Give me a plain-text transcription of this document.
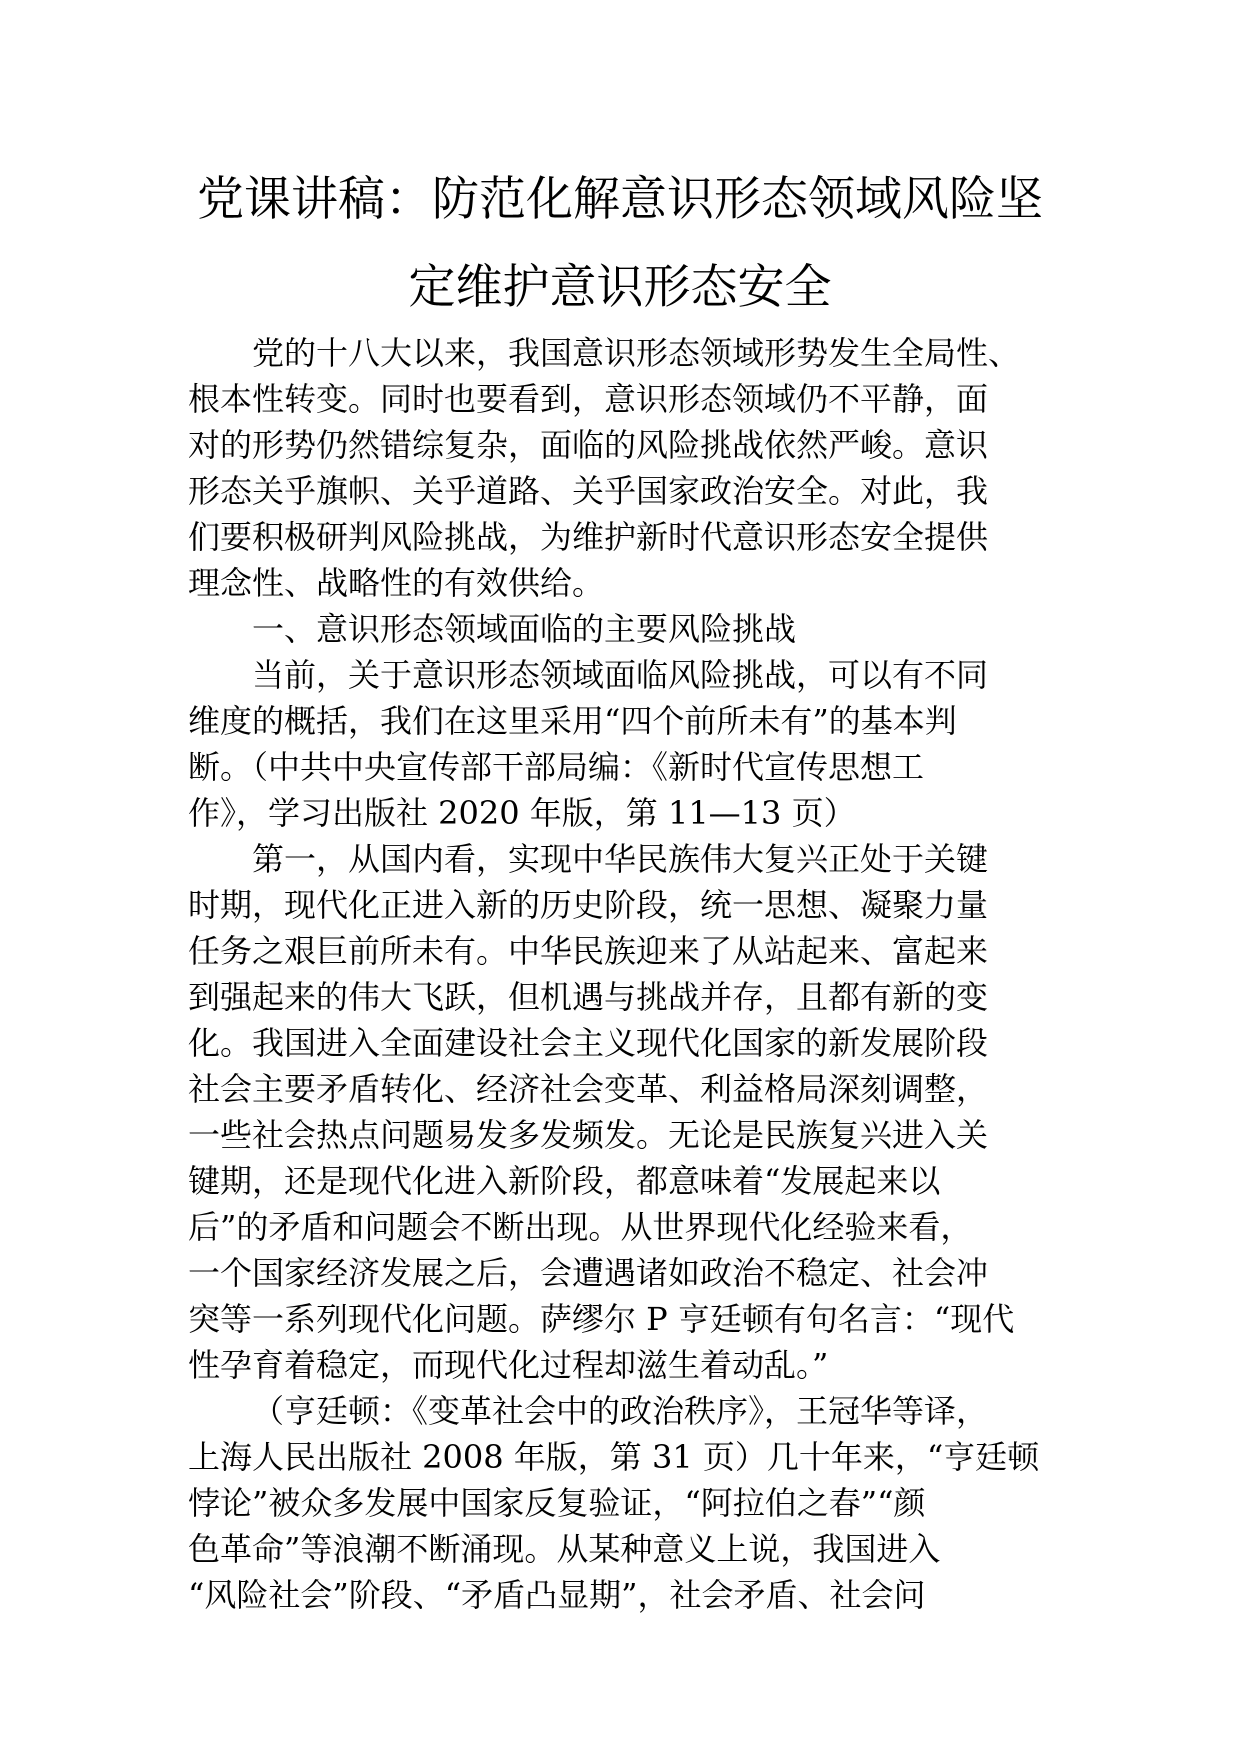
党课讲稿：防范化解意识形态领域风险坚
定维护意识形态安全

党的十八大以来，我国意识形态领域形势发生全局性、

根本性转变。同时也要看到，意识形态领域仍不平静，面

对的形势仍然错综复杂，面临的风险挑战依然严峻。意识

形态关乎旗帜、关乎道路、关乎国家政治安全。对此，我

们要积极研判风险挑战，为维护新时代意识形态安全提供

理念性、战略性的有效供给。

一、意识形态领域面临的主要风险挑战

当前，关于意识形态领域面临风险挑战，可以有不同

维度的概括，我们在这里采用“四个前所未有”的基本判

断。（中共中央宣传部干部局编：《新时代宣传思想工

作》，学习出版社 2020 年版，第 11—13 页）

第一，从国内看，实现中华民族伟大复兴正处于关键

时期，现代化正进入新的历史阶段，统一思想、凝聚力量

任务之艰巨前所未有。中华民族迎来了从站起来、富起来

到强起来的伟大飞跃，但机遇与挑战并存，且都有新的变

化。我国进入全面建设社会主义现代化国家的新发展阶段

社会主要矛盾转化、经济社会变革、利益格局深刻调整，

一些社会热点问题易发多发频发。无论是民族复兴进入关

键期，还是现代化进入新阶段，都意味着“发展起来以

后”的矛盾和问题会不断出现。从世界现代化经验来看，

一个国家经济发展之后，会遭遇诸如政治不稳定、社会冲

突等一系列现代化问题。萨缪尔 P 亨廷顿有句名言：“现代

性孕育着稳定，而现代化过程却滋生着动乱。”

（亨廷顿：《变革社会中的政治秩序》，王冠华等译，

上海人民出版社 2008 年版，第 31 页）几十年来，“亨廷顿

悖论”被众多发展中国家反复验证，“阿拉伯之春”“颜

色革命”等浪潮不断涌现。从某种意义上说，我国进入

“风险社会”阶段、“矛盾凸显期”，社会矛盾、社会问
